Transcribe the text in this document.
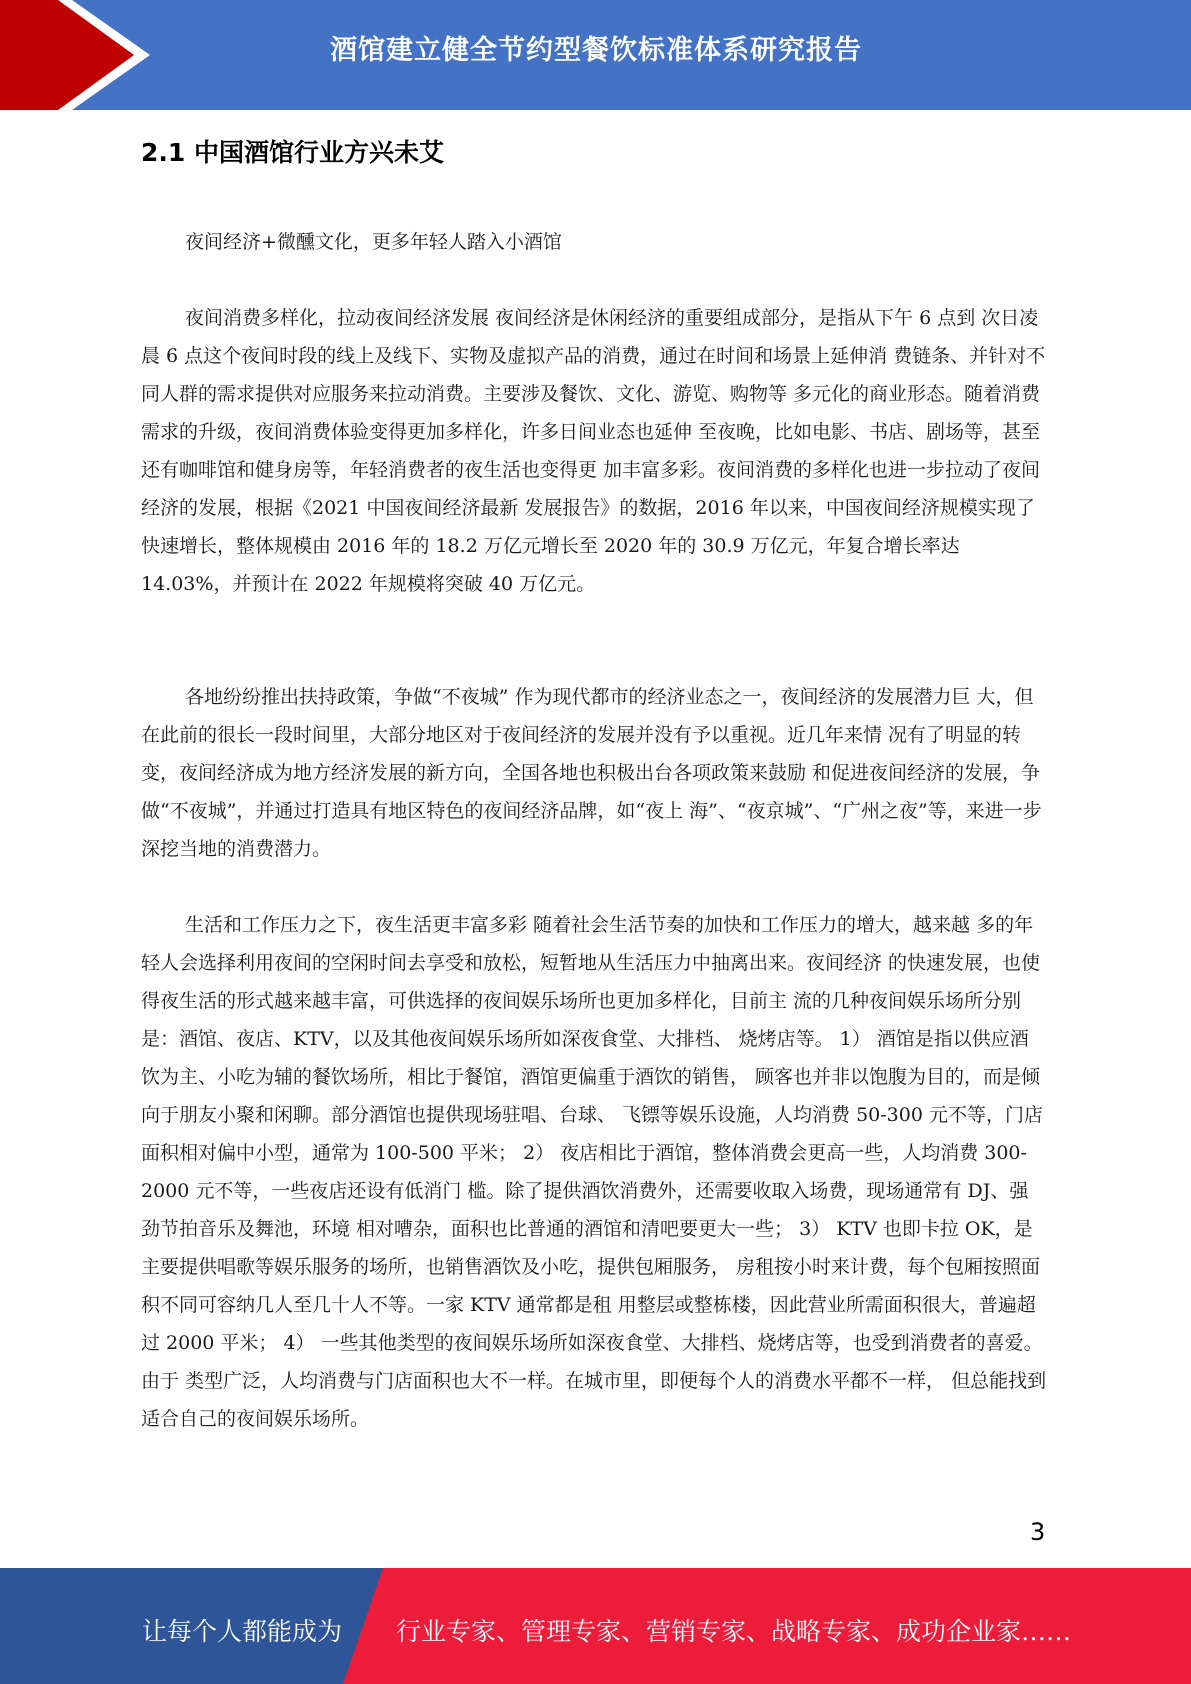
酒馆建立健全节约型餐饮标准体系研究报告
2.1 中国酒馆行业方兴未艾

夜间经济+微醺文化，更多年轻人踏入小酒馆

夜间消费多样化，拉动夜间经济发展 夜间经济是休闲经济的重要组成部分，是指从下午 6 点到 次日凌晨 6 点这个夜间时段的线上及线下、实物及虚拟产品的消费，通过在时间和场景上延伸消 费链条、并针对不同人群的需求提供对应服务来拉动消费。主要涉及餐饮、文化、游览、购物等 多元化的商业形态。随着消费需求的升级，夜间消费体验变得更加多样化，许多日间业态也延伸 至夜晚，比如电影、书店、剧场等，甚至还有咖啡馆和健身房等，年轻消费者的夜生活也变得更 加丰富多彩。夜间消费的多样化也进一步拉动了夜间经济的发展，根据《2021 中国夜间经济最新 发展报告》的数据，2016 年以来，中国夜间经济规模实现了快速增长，整体规模由 2016 年的 18.2 万亿元增长至 2020 年的 30.9 万亿元，年复合增长率达 14.03%，并预计在 2022 年规模将突破 40 万亿元。

各地纷纷推出扶持政策，争做“不夜城” 作为现代都市的经济业态之一，夜间经济的发展潜力巨 大，但在此前的很长一段时间里，大部分地区对于夜间经济的发展并没有予以重视。近几年来情 况有了明显的转变，夜间经济成为地方经济发展的新方向，全国各地也积极出台各项政策来鼓励 和促进夜间经济的发展，争做“不夜城”，并通过打造具有地区特色的夜间经济品牌，如“夜上 海”、“夜京城”、“广州之夜”等，来进一步深挖当地的消费潜力。

生活和工作压力之下，夜生活更丰富多彩 随着社会生活节奏的加快和工作压力的增大，越来越 多的年轻人会选择利用夜间的空闲时间去享受和放松，短暂地从生活压力中抽离出来。夜间经济 的快速发展，也使得夜生活的形式越来越丰富，可供选择的夜间娱乐场所也更加多样化，目前主 流的几种夜间娱乐场所分别是：酒馆、夜店、KTV，以及其他夜间娱乐场所如深夜食堂、大排档、 烧烤店等。 1） 酒馆是指以供应酒饮为主、小吃为辅的餐饮场所，相比于餐馆，酒馆更偏重于酒饮的销售， 顾客也并非以饱腹为目的，而是倾向于朋友小聚和闲聊。部分酒馆也提供现场驻唱、台球、 飞镖等娱乐设施，人均消费 50-300 元不等，门店面积相对偏中小型，通常为 100-500 平米； 2） 夜店相比于酒馆，整体消费会更高一些，人均消费 300-2000 元不等，一些夜店还设有低消门 槛。除了提供酒饮消费外，还需要收取入场费，现场通常有 DJ、强劲节拍音乐及舞池，环境 相对嘈杂，面积也比普通的酒馆和清吧要更大一些； 3） KTV 也即卡拉 OK，是主要提供唱歌等娱乐服务的场所，也销售酒饮及小吃，提供包厢服务， 房租按小时来计费，每个包厢按照面积不同可容纳几人至几十人不等。一家 KTV 通常都是租 用整层或整栋楼，因此营业所需面积很大，普遍超过 2000 平米； 4） 一些其他类型的夜间娱乐场所如深夜食堂、大排档、烧烤店等，也受到消费者的喜爱。由于 类型广泛，人均消费与门店面积也大不一样。在城市里，即便每个人的消费水平都不一样， 但总能找到适合自己的夜间娱乐场所。

3
让每个人都能成为 行业专家、管理专家、营销专家、战略专家、成功企业家……
